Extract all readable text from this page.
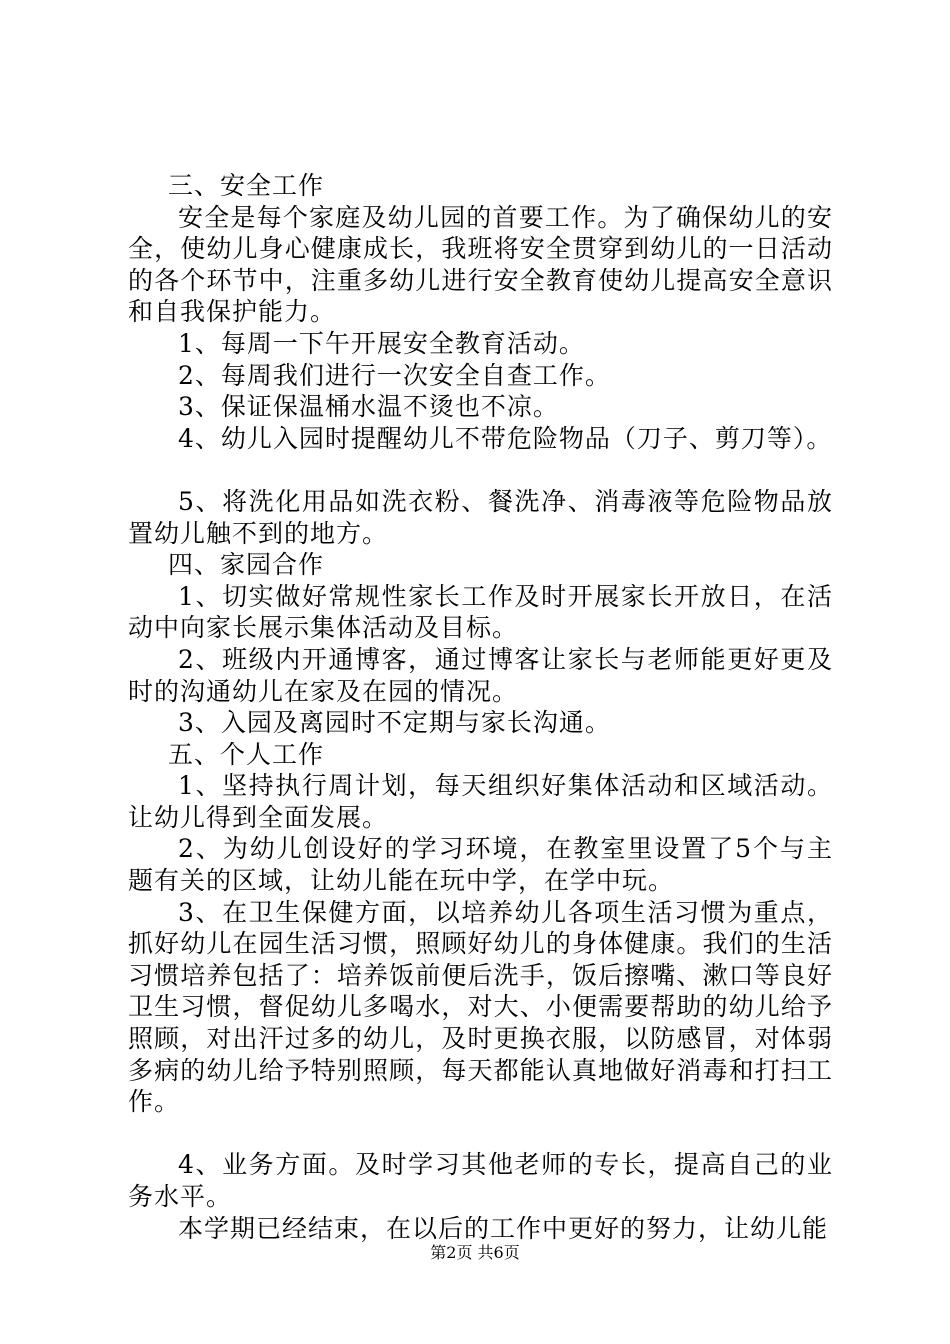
三、安全工作

安全是每个家庭及幼儿园的首要工作。为了确保幼儿的安全，使幼儿身心健康成长，我班将安全贯穿到幼儿的一日活动的各个环节中，注重多幼儿进行安全教育使幼儿提高安全意识和自我保护能力。

1、每周一下午开展安全教育活动。

2、每周我们进行一次安全自查工作。

3、保证保温桶水温不烫也不凉。

4、幼儿入园时提醒幼儿不带危险物品（刀子、剪刀等）。

5、将洗化用品如洗衣粉、餐洗净、消毒液等危险物品放置幼儿触不到的地方。

四、家园合作

1、切实做好常规性家长工作及时开展家长开放日，在活动中向家长展示集体活动及目标。

2、班级内开通博客，通过博客让家长与老师能更好更及时的沟通幼儿在家及在园的情况。

3、入园及离园时不定期与家长沟通。

五、个人工作

1、坚持执行周计划，每天组织好集体活动和区域活动。让幼儿得到全面发展。

2、为幼儿创设好的学习环境，在教室里设置了5个与主题有关的区域，让幼儿能在玩中学，在学中玩。

3、在卫生保健方面，以培养幼儿各项生活习惯为重点，抓好幼儿在园生活习惯，照顾好幼儿的身体健康。我们的生活习惯培养包括了：培养饭前便后洗手，饭后擦嘴、漱口等良好卫生习惯，督促幼儿多喝水，对大、小便需要帮助的幼儿给予照顾，对出汗过多的幼儿，及时更换衣服，以防感冒，对体弱多病的幼儿给予特别照顾，每天都能认真地做好消毒和打扫工作。

4、业务方面。及时学习其他老师的专长，提高自己的业务水平。

本学期已经结束，在以后的工作中更好的努力，让幼儿能

第2页 共6页
